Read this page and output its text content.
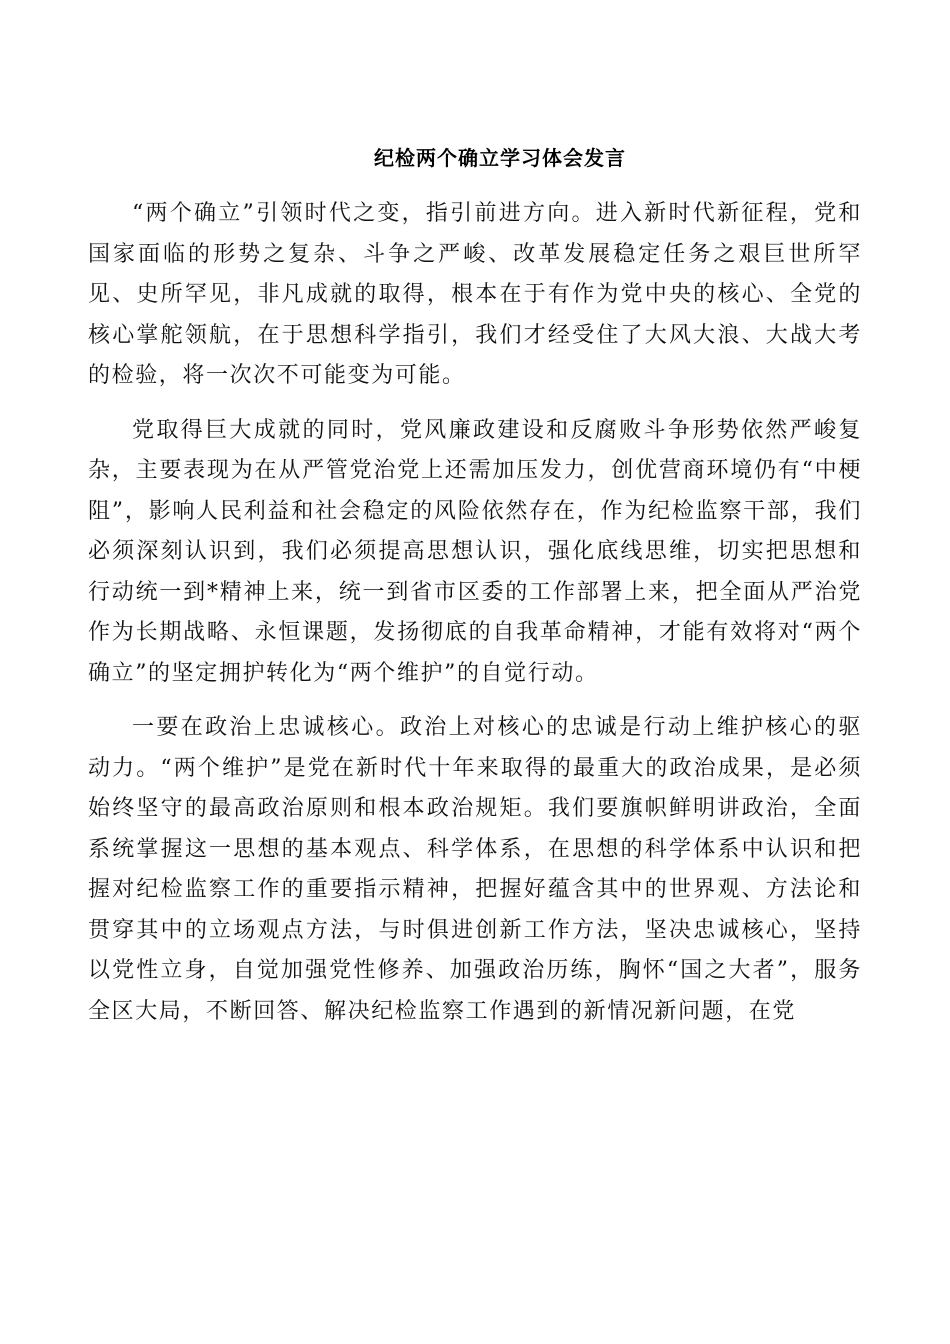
纪检两个确立学习体会发言

“两个确立”引领时代之变，指引前进方向。进入新时代新征程，党和国家面临的形势之复杂、斗争之严峻、改革发展稳定任务之艰巨世所罕见、史所罕见，非凡成就的取得，根本在于有作为党中央的核心、全党的核心掌舵领航，在于思想科学指引，我们才经受住了大风大浪、大战大考的检验，将一次次不可能变为可能。

党取得巨大成就的同时，党风廉政建设和反腐败斗争形势依然严峻复杂，主要表现为在从严管党治党上还需加压发力，创优营商环境仍有“中梗阻”，影响人民利益和社会稳定的风险依然存在，作为纪检监察干部，我们必须深刻认识到，我们必须提高思想认识，强化底线思维，切实把思想和行动统一到*精神上来，统一到省市区委的工作部署上来，把全面从严治党作为长期战略、永恒课题，发扬彻底的自我革命精神，才能有效将对“两个确立”的坚定拥护转化为“两个维护”的自觉行动。

一要在政治上忠诚核心。政治上对核心的忠诚是行动上维护核心的驱动力。“两个维护”是党在新时代十年来取得的最重大的政治成果，是必须始终坚守的最高政治原则和根本政治规矩。我们要旗帜鲜明讲政治，全面系统掌握这一思想的基本观点、科学体系，在思想的科学体系中认识和把握对纪检监察工作的重要指示精神，把握好蕴含其中的世界观、方法论和贯穿其中的立场观点方法，与时俱进创新工作方法，坚决忠诚核心，坚持以党性立身，自觉加强党性修养、加强政治历练，胸怀“国之大者”，服务全区大局，不断回答、解决纪检监察工作遇到的新情况新问题，在党
